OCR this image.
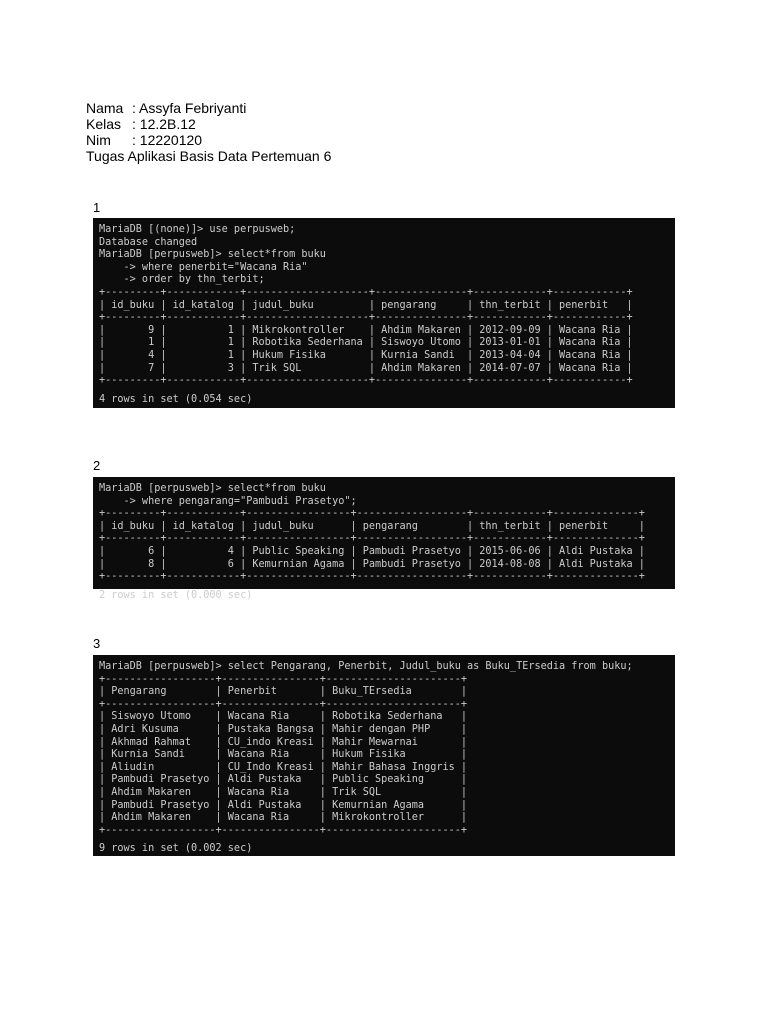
Nama : Assyfa Febriyanti
Kelas : 12.2B.12
Nim : 12220120
Tugas Aplikasi Basis Data Pertemuan 6
1
MariaDB [(none)]> use perpusweb;
Database changed
MariaDB [perpusweb]> select*from buku
-> where penerbit="Wacana Ria"
-> order by thn_terbit;
+---------+------------+--------------------+---------------+------------+------------+
| id_buku | id_katalog | judul_buku         | pengarang     | thn_terbit | penerbit   |
+---------+------------+--------------------+---------------+------------+------------+
|       9 |          1 | Mikrokontroller    | Ahdim Makaren | 2012-09-09 | Wacana Ria |
|       1 |          1 | Robotika Sederhana | Siswoyo Utomo | 2013-01-01 | Wacana Ria |
|       4 |          1 | Hukum Fisika       | Kurnia Sandi  | 2013-04-04 | Wacana Ria |
|       7 |          3 | Trik SQL           | Ahdim Makaren | 2014-07-07 | Wacana Ria |
+---------+------------+--------------------+---------------+------------+------------+
4 rows in set (0.054 sec)
2
MariaDB [perpusweb]> select*from buku
-> where pengarang="Pambudi Prasetyo";
+---------+------------+-----------------+------------------+------------+--------------+
| id_buku | id_katalog | judul_buku      | pengarang        | thn_terbit | penerbit     |
+---------+------------+-----------------+------------------+------------+--------------+
|       6 |          4 | Public Speaking | Pambudi Prasetyo | 2015-06-06 | Aldi Pustaka |
|       8 |          6 | Kemurnian Agama | Pambudi Prasetyo | 2014-08-08 | Aldi Pustaka |
+---------+------------+-----------------+------------------+------------+--------------+
2 rows in set (0.000 sec)
3
MariaDB [perpusweb]> select Pengarang, Penerbit, Judul_buku as Buku_TErsedia from buku;
+------------------+----------------+----------------------+
| Pengarang        | Penerbit       | Buku_TErsedia        |
+------------------+----------------+----------------------+
| Siswoyo Utomo    | Wacana Ria     | Robotika Sederhana   |
| Adri Kusuma      | Pustaka Bangsa | Mahir dengan PHP     |
| Akhmad Rahmat    | CU_indo Kreasi | Mahir Mewarnai       |
| Kurnia Sandi     | Wacana Ria     | Hukum Fisika         |
| Aliudin          | CU_Indo Kreasi | Mahir Bahasa Inggris |
| Pambudi Prasetyo | Aldi Pustaka   | Public Speaking      |
| Ahdim Makaren    | Wacana Ria     | Trik SQL             |
| Pambudi Prasetyo | Aldi Pustaka   | Kemurnian Agama      |
| Ahdim Makaren    | Wacana Ria     | Mikrokontroller      |
+------------------+----------------+----------------------+
9 rows in set (0.002 sec)
